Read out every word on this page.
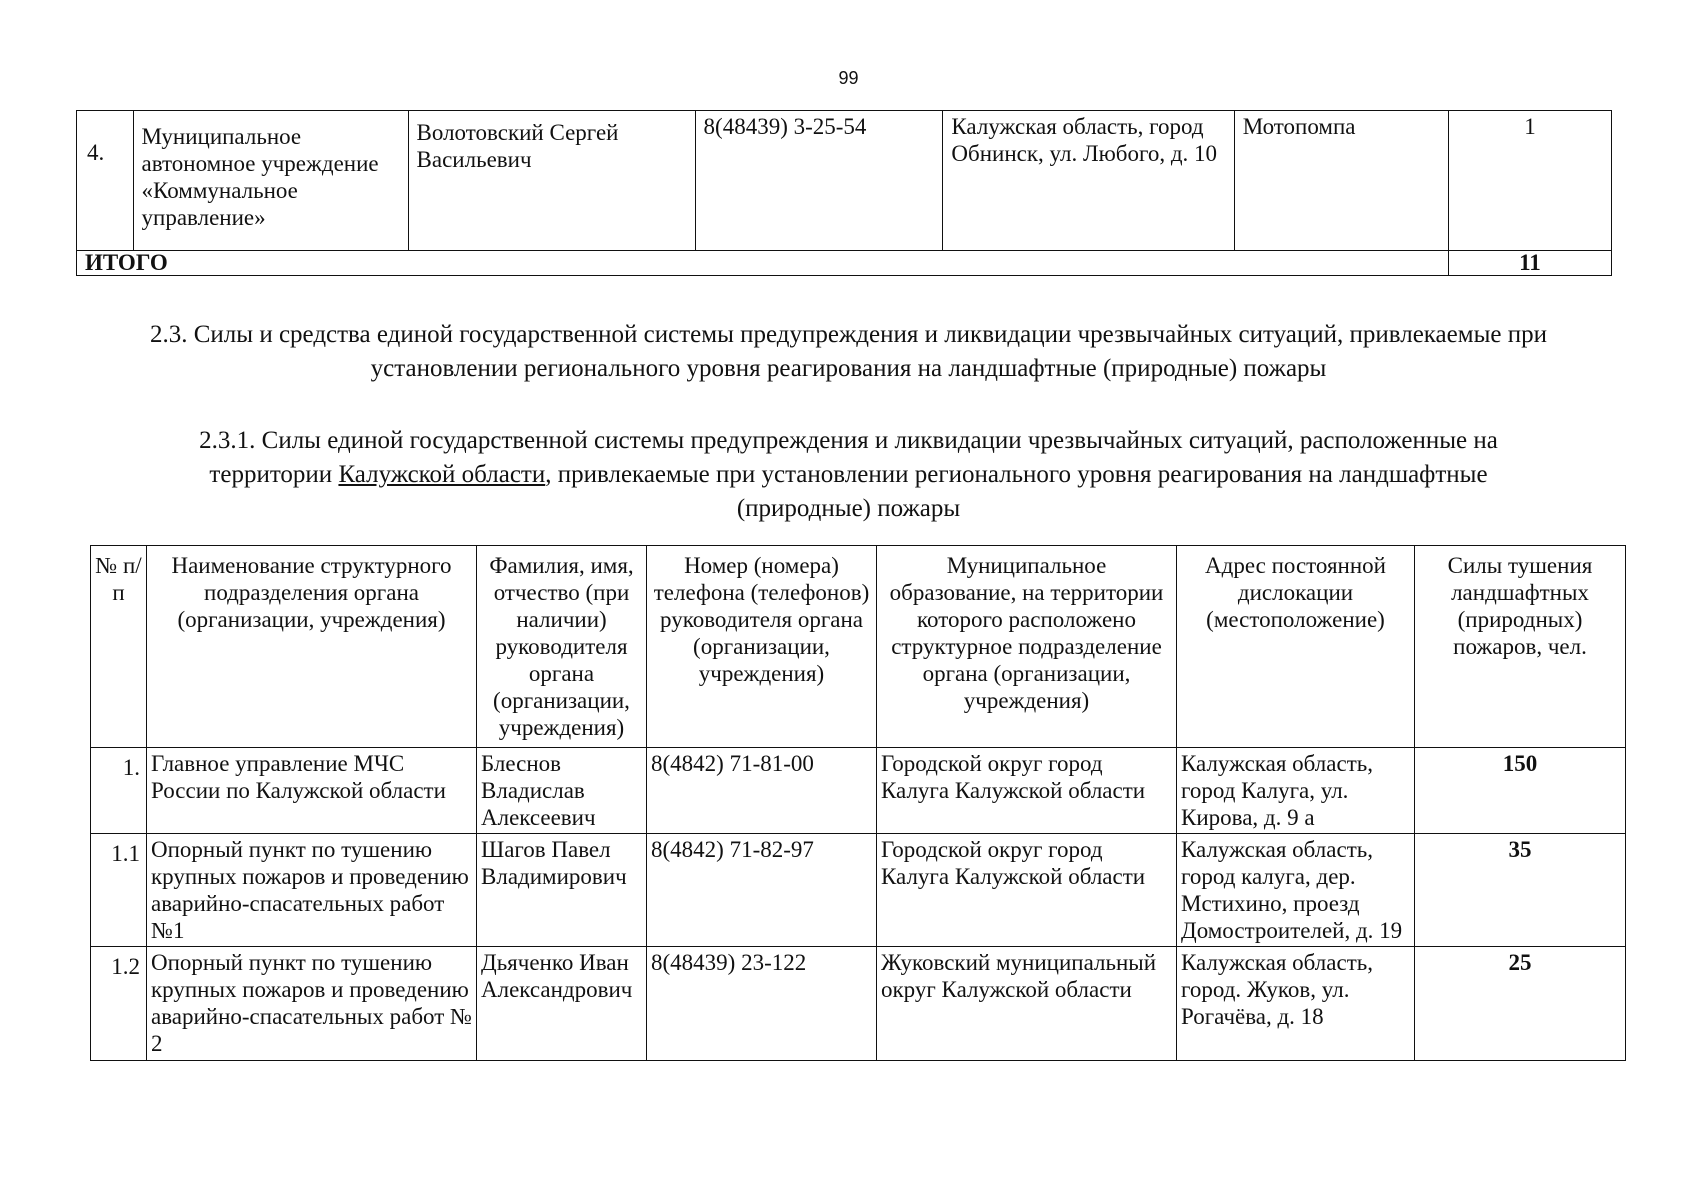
99
4.	Муниципальное автономное учреждение «Коммунальное управление»	Волотовский Сергей Васильевич	8(48439) 3-25-54	Калужская область, город Обнинск, ул. Любого, д. 10	Мотопомпа	1
ИТОГО						11
2.3. Силы и средства единой государственной системы предупреждения и ликвидации чрезвычайных ситуаций, привлекаемые при установлении регионального уровня реагирования на ландшафтные (природные) пожары
2.3.1. Силы единой государственной системы предупреждения и ликвидации чрезвычайных ситуаций, расположенные на территории Калужской области, привлекаемые при установлении регионального уровня реагирования на ландшафтные (природные) пожары
№ п/п	Наименование структурного подразделения органа (организации, учреждения)	Фамилия, имя, отчество (при наличии) руководителя органа (организации, учреждения)	Номер (номера) телефона (телефонов) руководителя органа (организации, учреждения)	Муниципальное образование, на территории которого расположено структурное подразделение органа (организации, учреждения)	Адрес постоянной дислокации (местоположение)	Силы тушения ландшафтных (природных) пожаров, чел.
1.	Главное управление МЧС России по Калужской области	Блеснов Владислав Алексеевич	8(4842) 71-81-00	Городской округ город Калуга Калужской области	Калужская область, город Калуга, ул. Кирова, д. 9 а	150
1.1	Опорный пункт по тушению крупных пожаров и проведению аварийно-спасательных работ №1	Шагов Павел Владимирович	8(4842) 71-82-97	Городской округ город Калуга Калужской области	Калужская область, город калуга, дер. Мстихино, проезд Домостроителей, д. 19	35
1.2	Опорный пункт по тушению крупных пожаров и проведению аварийно-спасательных работ № 2	Дьяченко Иван Александрович	8(48439) 23-122	Жуковский муниципальный округ Калужской области	Калужская область, город. Жуков, ул. Рогачёва, д. 18	25
